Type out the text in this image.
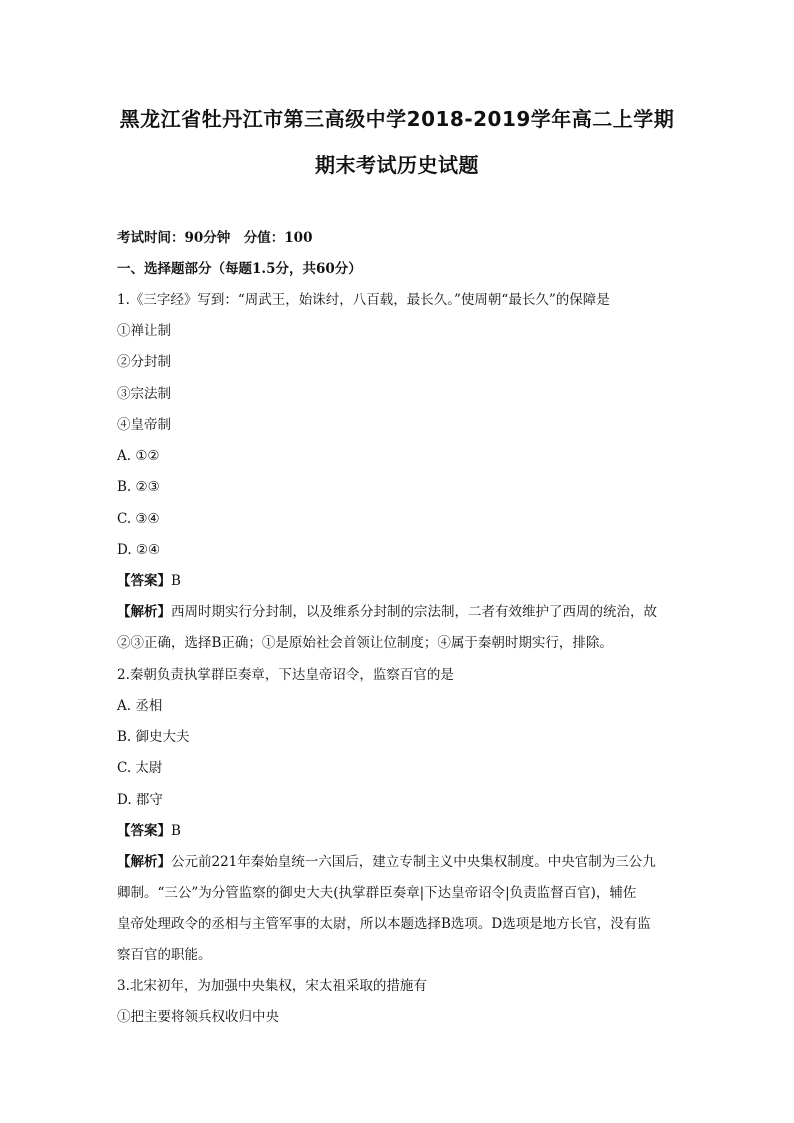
黑龙江省牡丹江市第三高级中学2018-2019学年高二上学期
期末考试历史试题
考试时间：90分钟　分值：100
一、选择题部分（每题1.5分，共60分）
1.《三字经》写到：“周武王，始诛纣，八百载，最长久。”使周朝“最长久”的保障是
①禅让制
②分封制
③宗法制
④皇帝制
A. ①②
B. ②③
C. ③④
D. ②④
【答案】B
【解析】西周时期实行分封制，以及维系分封制的宗法制，二者有效维护了西周的统治，故
②③正确，选择B正确；①是原始社会首领让位制度；④属于秦朝时期实行，排除。
2.秦朝负责执掌群臣奏章，下达皇帝诏令，监察百官的是
A. 丞相
B. 御史大夫
C. 太尉
D. 郡守
【答案】B
【解析】公元前221年秦始皇统一六国后，建立专制主义中央集权制度。中央官制为三公九
卿制。“三公”为分管监察的御史大夫(执掌群臣奏章|下达皇帝诏令|负责监督百官)，辅佐
皇帝处理政令的丞相与主管军事的太尉，所以本题选择B选项。D选项是地方长官，没有监
察百官的职能。
3.北宋初年，为加强中央集权，宋太祖采取的措施有
①把主要将领兵权收归中央
